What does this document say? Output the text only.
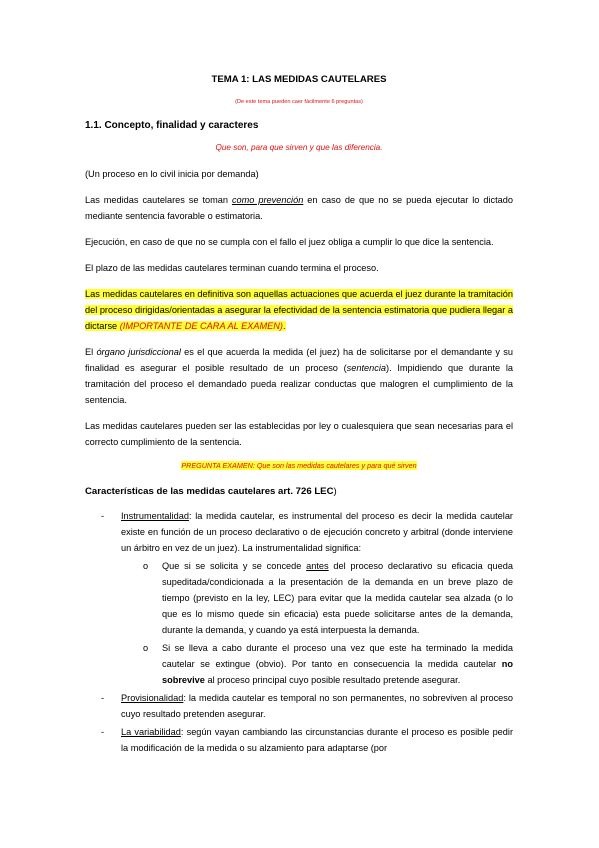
TEMA 1: LAS MEDIDAS CAUTELARES
(De este tema pueden caer fácilmente 6 preguntas)
1.1. Concepto, finalidad y caracteres
Que son, para que sirven y que las diferencia.

(Un proceso en lo civil inicia por demanda)

Las medidas cautelares se toman como prevención en caso de que no se pueda ejecutar lo dictado mediante sentencia favorable o estimatoria.

Ejecución, en caso de que no se cumpla con el fallo el juez obliga a cumplir lo que dice la sentencia.

El plazo de las medidas cautelares terminan cuando termina el proceso.

Las medidas cautelares en definitiva son aquellas actuaciones que acuerda el juez durante la tramitación del proceso dirigidas/orientadas a asegurar la efectividad de la sentencia estimatoria que pudiera llegar a dictarse (IMPORTANTE DE CARA AL EXAMEN).

El órgano jurisdiccional es el que acuerda la medida (el juez) ha de solicitarse por el demandante y su finalidad es asegurar el posible resultado de un proceso (sentencia). Impidiendo que durante la tramitación del proceso el demandado pueda realizar conductas que malogren el cumplimiento de la sentencia.

Las medidas cautelares pueden ser las establecidas por ley o cualesquiera que sean necesarias para el correcto cumplimiento de la sentencia.

PREGUNTA EXAMEN: Que son las medidas cautelares y para qué sirven
Características de las medidas cautelares art. 726 LEC)
- Instrumentalidad: la medida cautelar, es instrumental del proceso es decir la medida cautelar existe en función de un proceso declarativo o de ejecución concreto y arbitral (donde interviene un árbitro en vez de un juez). La instrumentalidad significa:
o Que si se solicita y se concede antes del proceso declarativo su eficacia queda supeditada/condicionada a la presentación de la demanda en un breve plazo de tiempo (previsto en la ley, LEC) para evitar que la medida cautelar sea alzada (o lo que es lo mismo quede sin eficacia) esta puede solicitarse antes de la demanda, durante la demanda, y cuando ya está interpuesta la demanda.
o Si se lleva a cabo durante el proceso una vez que este ha terminado la medida cautelar se extingue (obvio). Por tanto en consecuencia la medida cautelar no sobrevive al proceso principal cuyo posible resultado pretende asegurar.
- Provisionalidad: la medida cautelar es temporal no son permanentes, no sobreviven al proceso cuyo resultado pretenden asegurar.
- La variabilidad: según vayan cambiando las circunstancias durante el proceso es posible pedir la modificación de la medida o su alzamiento para adaptarse (por
